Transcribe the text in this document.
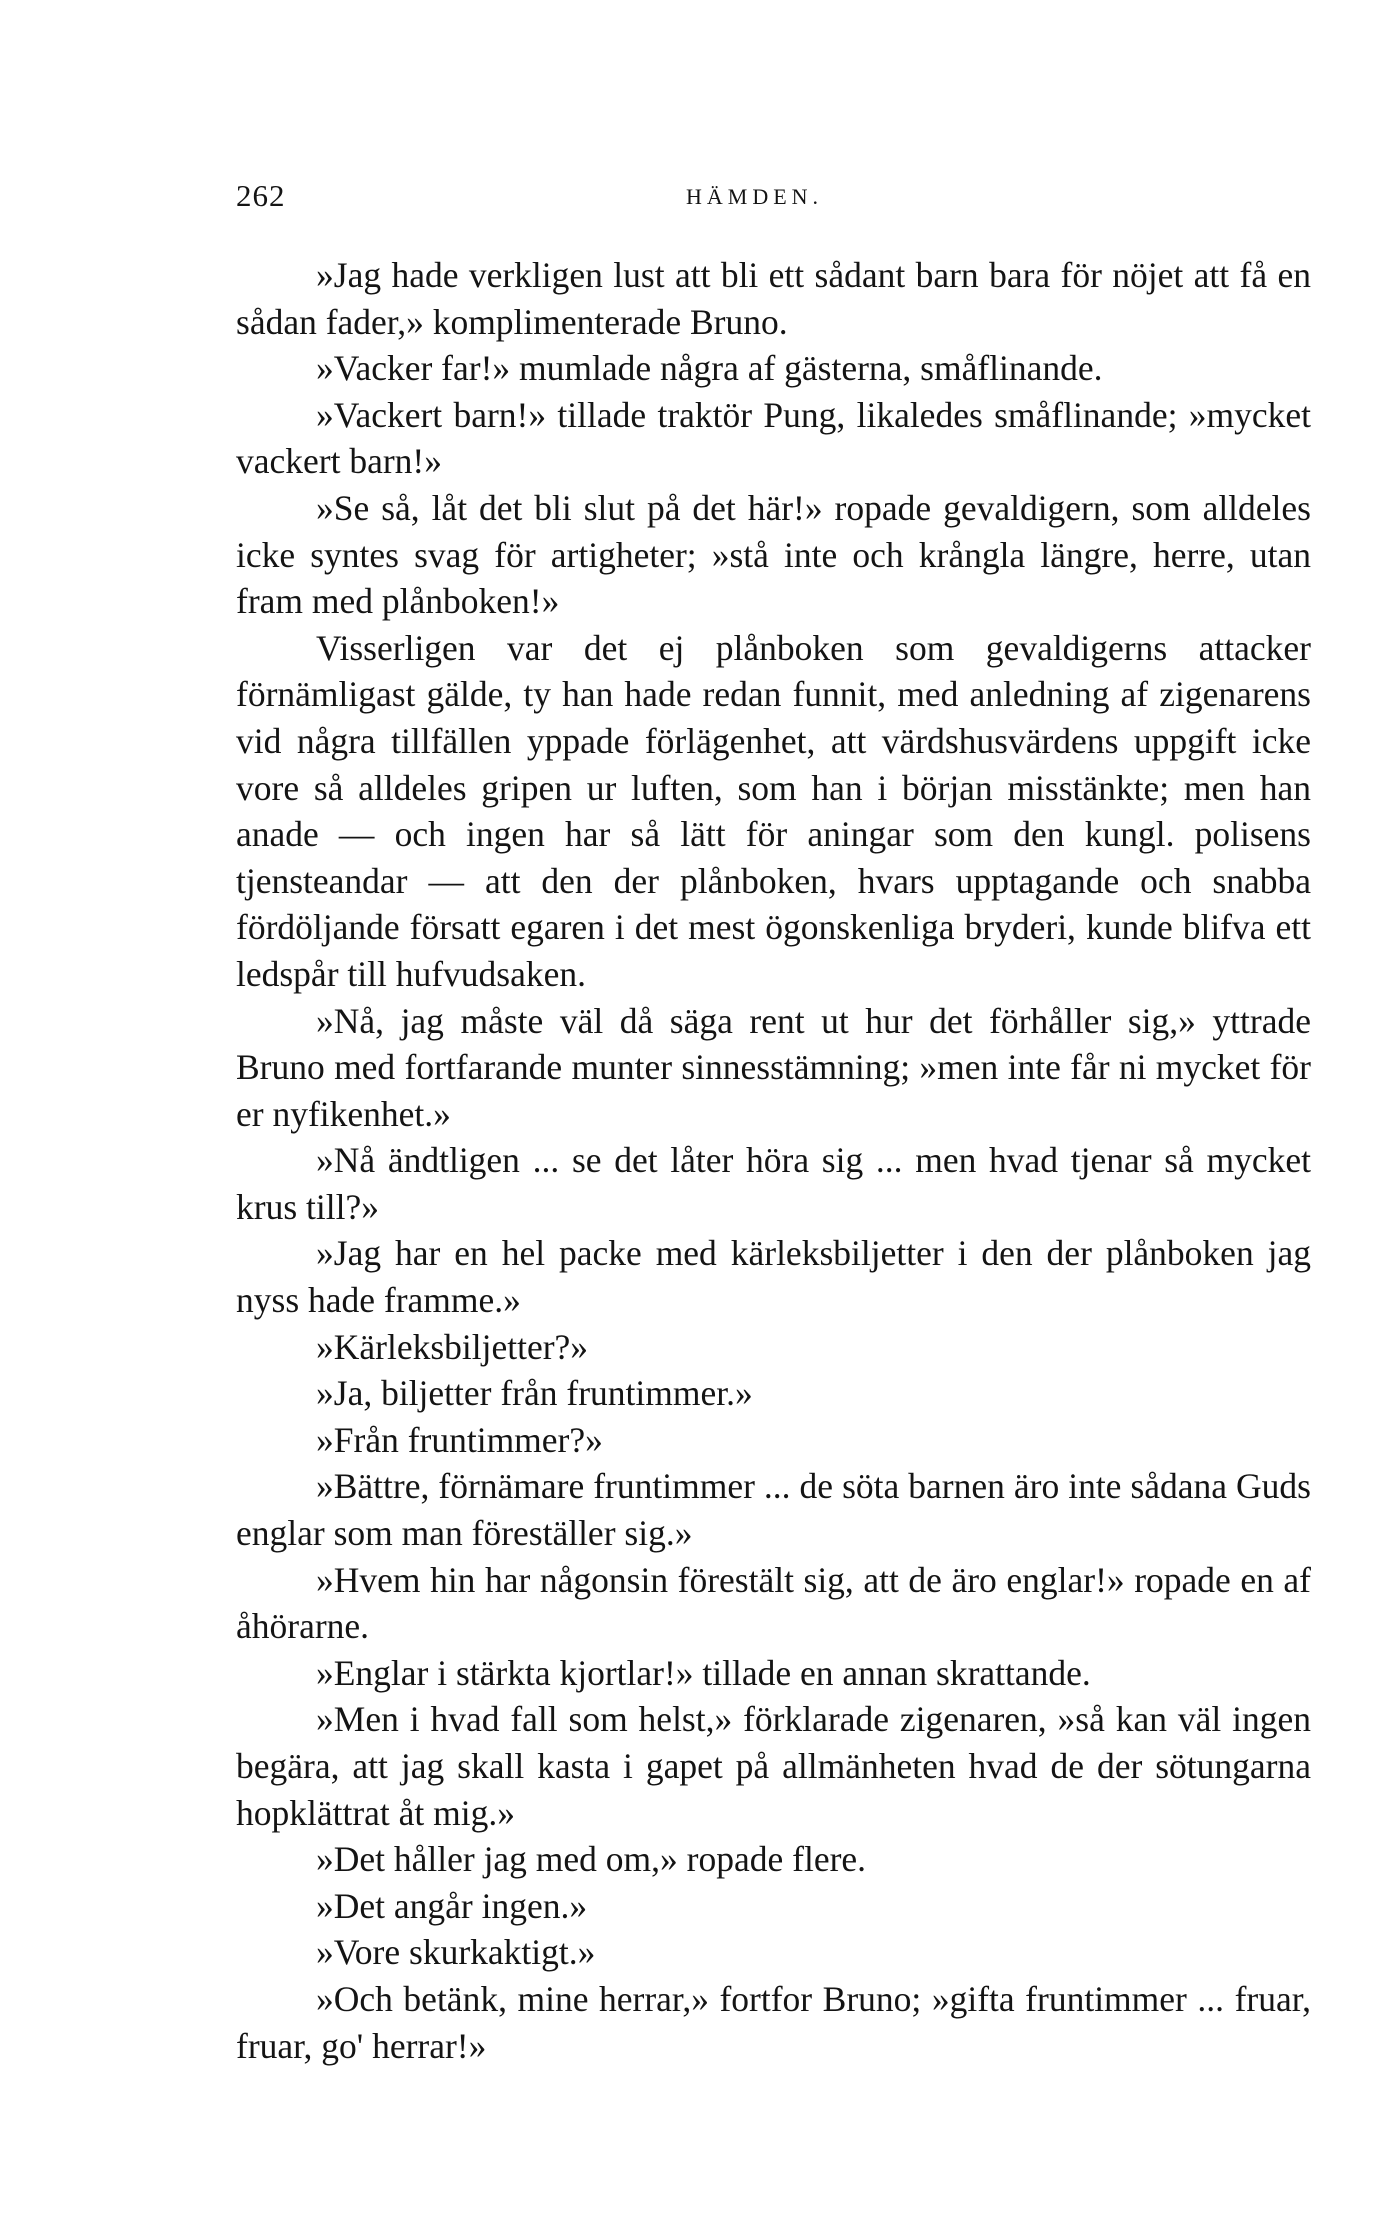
262	HÄMDEN.

»Jag hade verkligen lust att bli ett sådant barn bara för nöjet att få en sådan fader,» komplimenterade Bruno.

»Vacker far!» mumlade några af gästerna, småflinande.

»Vackert barn!» tillade traktör Pung, likaledes småflinande; »mycket vackert barn!»

»Se så, låt det bli slut på det här!» ropade gevaldigern, som alldeles icke syntes svag för artigheter; »stå inte och krångla längre, herre, utan fram med plånboken!»

Visserligen var det ej plånboken som gevaldigerns attacker förnämligast gälde, ty han hade redan funnit, med anledning af zigenarens vid några tillfällen yppade förlägenhet, att värdshusvärdens uppgift icke vore så alldeles gripen ur luften, som han i början misstänkte; men han anade — och ingen har så lätt för aningar som den kungl. polisens tjensteandar — att den der plånboken, hvars upptagande och snabba fördöljande försatt egaren i det mest ögonskenliga bryderi, kunde blifva ett ledspår till hufvudsaken.

»Nå, jag måste väl då säga rent ut hur det förhåller sig,» yttrade Bruno med fortfarande munter sinnesstämning; »men inte får ni mycket för er nyfikenhet.»

»Nå ändtligen ... se det låter höra sig ... men hvad tjenar så mycket krus till?»

»Jag har en hel packe med kärleksbiljetter i den der plånboken jag nyss hade framme.»

»Kärleksbiljetter?»

»Ja, biljetter från fruntimmer.»

»Från fruntimmer?»

»Bättre, förnämare fruntimmer ... de söta barnen äro inte sådana Guds englar som man föreställer sig.»

»Hvem hin har någonsin förestält sig, att de äro englar!» ropade en af åhörarne.

»Englar i stärkta kjortlar!» tillade en annan skrattande.

»Men i hvad fall som helst,» förklarade zigenaren, »så kan väl ingen begära, att jag skall kasta i gapet på allmänheten hvad de der sötungarna hopklättrat åt mig.»

»Det håller jag med om,» ropade flere.

»Det angår ingen.»

»Vore skurkaktigt.»

»Och betänk, mine herrar,» fortfor Bruno; »gifta fruntimmer ... fruar, fruar, go' herrar!»
